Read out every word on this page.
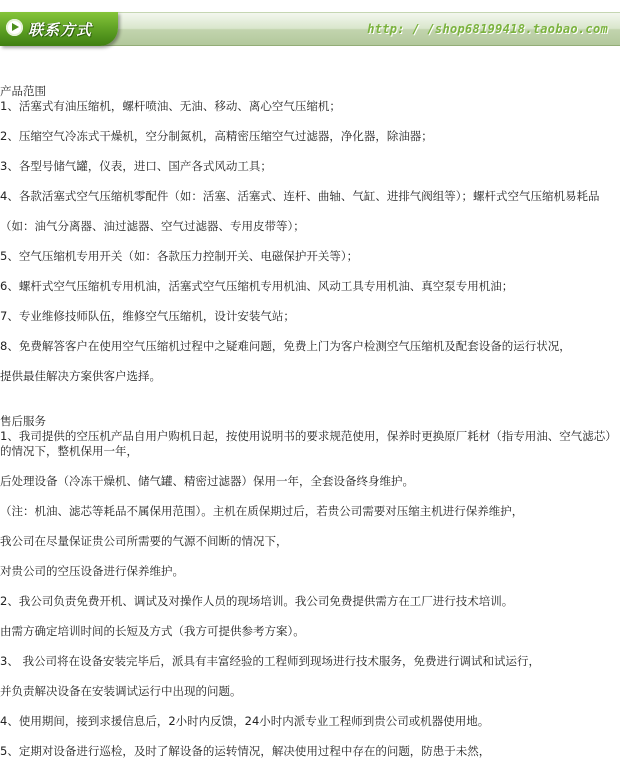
联系方式	http: / /shop68199418.taobao.com
产品范围
1、活塞式有油压缩机，螺杆喷油、无油、移动、离心空气压缩机；
2、压缩空气冷冻式干燥机，空分制氮机，高精密压缩空气过滤器，净化器，除油器；
3、各型号储气罐，仪表，进口、国产各式风动工具；
4、各款活塞式空气压缩机零配件（如：活塞、活塞式、连杆、曲轴、气缸、进排气阀组等）；螺杆式空气压缩机易耗品
（如：油气分离器、油过滤器、空气过滤器、专用皮带等）；
5、空气压缩机专用开关（如：各款压力控制开关、电磁保护开关等）；
6、螺杆式空气压缩机专用机油，活塞式空气压缩机专用机油、风动工具专用机油、真空泵专用机油；
7、专业维修技师队伍，维修空气压缩机，设计安装气站；
8、免费解答客户在使用空气压缩机过程中之疑难问题，免费上门为客户检测空气压缩机及配套设备的运行状况，
提供最佳解决方案供客户选择。
售后服务
1、我司提供的空压机产品自用户购机日起，按使用说明书的要求规范使用，保养时更换原厂耗材（指专用油、空气滤芯）
的情况下，整机保用一年，
后处理设备（冷冻干燥机、储气罐、精密过滤器）保用一年，全套设备终身维护。
（注：机油、滤芯等耗品不属保用范围）。主机在质保期过后，若贵公司需要对压缩主机进行保养维护，
我公司在尽量保证贵公司所需要的气源不间断的情况下，
对贵公司的空压设备进行保养维护。
2、我公司负责免费开机、调试及对操作人员的现场培训。我公司免费提供需方在工厂进行技术培训。
由需方确定培训时间的长短及方式（我方可提供参考方案）。
3、 我公司将在设备安装完毕后，派具有丰富经验的工程师到现场进行技术服务，免费进行调试和试运行，
并负责解决设备在安装调试运行中出现的问题。
4、使用期间，接到求援信息后，2小时内反馈，24小时内派专业工程师到贵公司或机器使用地。
5、定期对设备进行巡检，及时了解设备的运转情况，解决使用过程中存在的问题，防患于未然，
